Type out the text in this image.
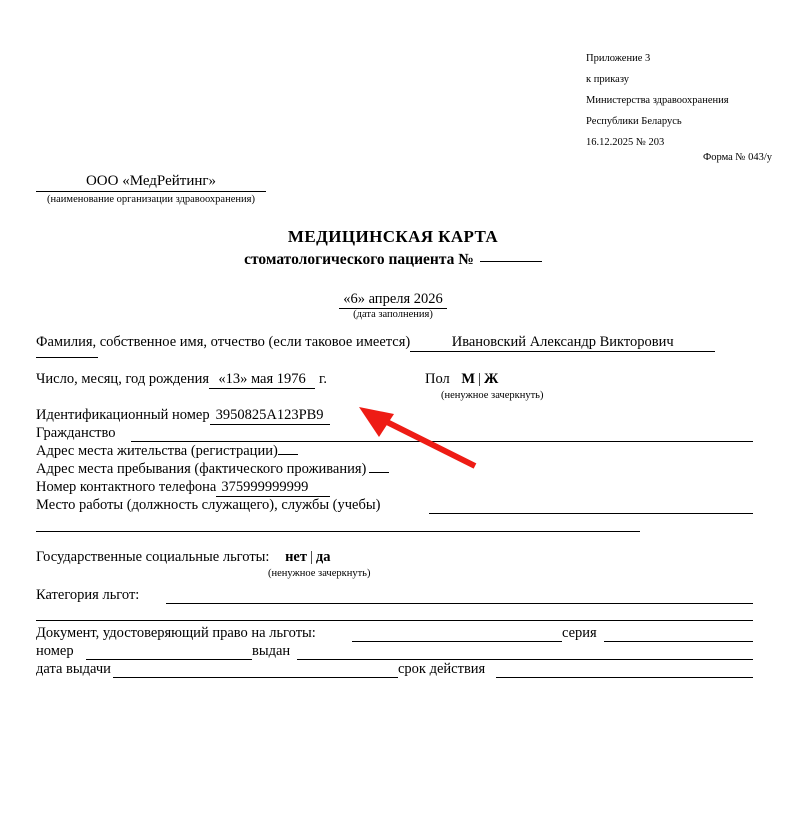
Приложение 3
к приказу
Министерства здравоохранения
Республики Беларусь
16.12.2025 № 203
Форма № 043/у
ООО «МедРейтинг»
(наименование организации здравоохранения)
МЕДИЦИНСКАЯ КАРТА
стоматологического пациента №
«6» апреля 2026
(дата заполнения)
Фамилия, собственное имя, отчество (если таковое имеется)	Ивановский Александр Викторович
Число, месяц, год рождения «13» мая 1976 г.	Пол М | Ж
(ненужное зачеркнуть)
Идентификационный номер 3950825A123PB9
Гражданство
Адрес места жительства (регистрации)
Адрес места пребывания (фактического проживания)
Номер контактного телефона 375999999999
Место работы (должность служащего), службы (учебы)
Государственные социальные льготы: нет | да
(ненужное зачеркнуть)
Категория льгот:
Документ, удостоверяющий право на льготы:	серия
номер	выдан
дата выдачи	срок действия
